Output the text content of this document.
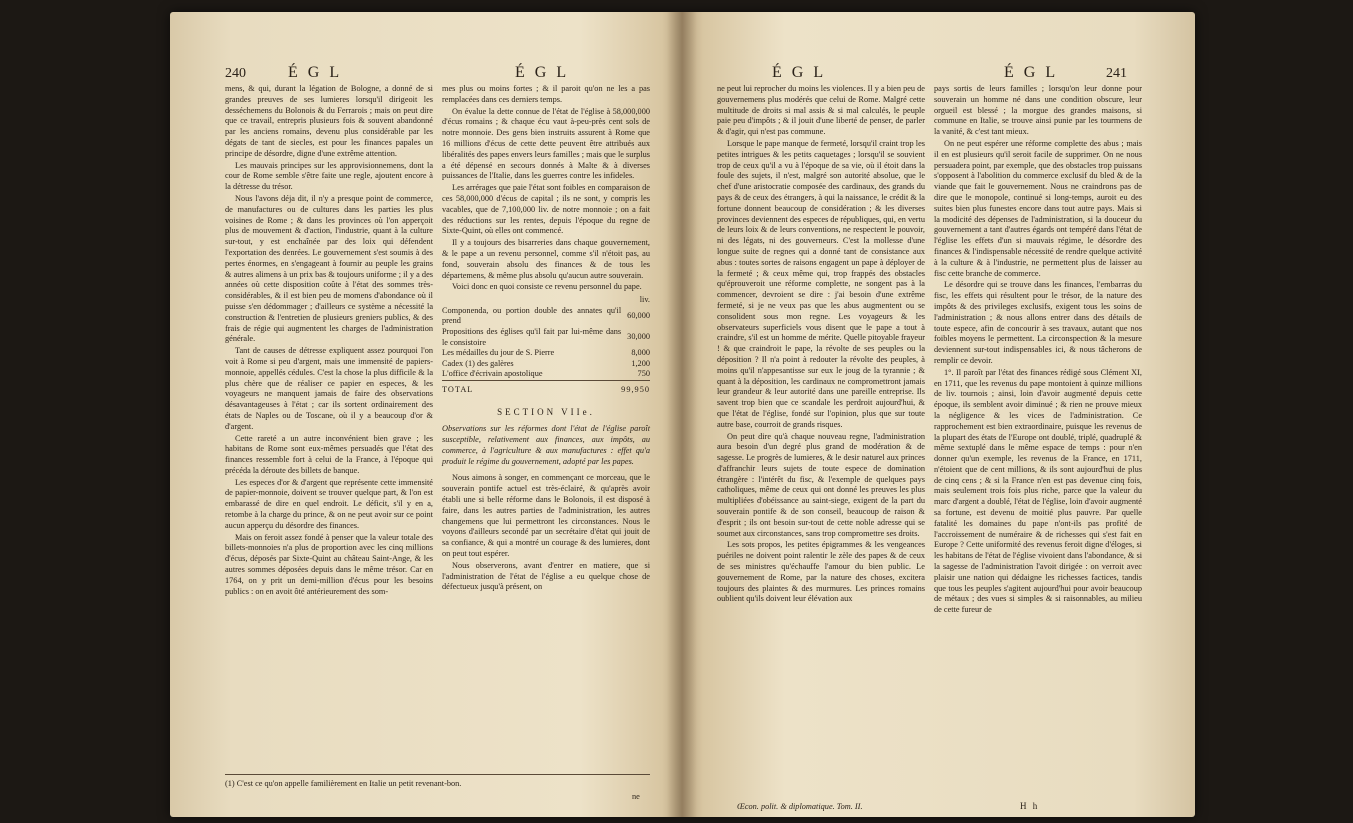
240	É G L	É G L

mens, & qui, durant la légation de Bologne, a donné de si grandes preuves de ses lumieres lorsqu'il dirigeoit les desséchemens du Bolonois & du Ferrarois ; mais on peut dire que ce travail, entrepris plusieurs fois & souvent abandonné par les anciens romains, devenu plus considérable par les dégats de tant de siecles, est pour les finances papales un principe de désordre, digne d'une extrême attention.

Les mauvais principes sur les approvisionnemens, dont la cour de Rome semble s'être faite une regle, ajoutent encore à la détresse du trésor.

Nous l'avons déja dit, il n'y a presque point de commerce, de manufactures ou de cultures dans les parties les plus voisines de Rome ; & dans les provinces où l'on apperçoit plus de mouvement & d'action, l'industrie, quant à la culture sur-tout, y est enchaînée par des loix qui défendent l'exportation des denrées. Le gouvernement s'est soumis à des pertes énormes, en s'engageant à fournir au peuple les grains & autres alimens à un prix bas & toujours uniforme ; il y a des années où cette disposition coûte à l'état des sommes très-considérables, & il est bien peu de momens d'abondance où il puisse s'en dédommager ; d'ailleurs ce système a nécessité la construction & l'entretien de plusieurs greniers publics, & des frais de régie qui augmentent les charges de l'administration générale.

Tant de causes de détresse expliquent assez pourquoi l'on voit à Rome si peu d'argent, mais une immensité de papiers-monnoie, appellés cédules. C'est la chose la plus difficile & la plus chère que de réaliser ce papier en especes, & les voyageurs ne manquent jamais de faire des observations désavantageuses à l'état ; car ils sortent ordinairement des états de Naples ou de Toscane, où il y a beaucoup d'or & d'argent.

Cette rareté a un autre inconvénient bien grave ; les habitans de Rome sont eux-mêmes persuadés que l'état des finances ressemble fort à celui de la France, à l'époque qui précéda la déroute des billets de banque.

Les especes d'or & d'argent que représente cette immensité de papier-monnoie, doivent se trouver quelque part, & l'on est embarassé de dire en quel endroit. Le déficit, s'il y en a, retombe à la charge du prince, & on ne peut avoir sur ce point aucun apperçu du désordre des finances.

Mais on feroit assez fondé à penser que la valeur totale des billets-monnoies n'a plus de proportion avec les cinq millions d'écus, déposés par Sixte-Quint au château Saint-Ange, & les autres sommes déposées depuis dans le même trésor. Car en 1764, on y prit un demi-million d'écus pour les besoins publics : on en avoit ôté antérieurement des som-

mes plus ou moins fortes ; & il paroit qu'on ne les a pas remplacées dans ces derniers temps.

On évalue la dette connue de l'état de l'église à 58,000,000 d'écus romains ; & chaque écu vaut à-peu-près cent sols de notre monnoie. Des gens bien instruits assurent à Rome que 16 millions d'écus de cette dette peuvent être attribués aux libéralités des papes envers leurs familles ; mais que le surplus a été dépensé en secours donnés à Malte & à diverses puissances de l'Italie, dans les guerres contre les infideles.

Les arrérages que paie l'état sont foibles en comparaison de ces 58,000,000 d'écus de capital ; ils ne sont, y compris les vacables, que de 7,100,000 liv. de notre monnoie ; on a fait des réductions sur les rentes, depuis l'époque du regne de Sixte-Quint, où elles ont commencé.

Il y a toujours des bisarreries dans chaque gouvernement, & le pape a un revenu personnel, comme s'il n'étoit pas, au fond, souverain absolu des finances & de tous les départemens, & même plus absolu qu'aucun autre souverain.

Voici donc en quoi consiste ce revenu personnel du pape.

	liv.
Componenda, ou portion double des annates qu'il prend	60,000
Propositions des églises qu'il fait par lui-même dans le consistoire	30,000
Les médailles du jour de S. Pierre	8,000
Cadex (1) des galères	1,200
L'office d'écrivain apostolique	750
TOTAL	99,950
SECTION VIIe.

Observations sur les réformes dont l'état de l'église paroît susceptible, relativement aux finances, aux impôts, au commerce, à l'agriculture & aux manufactures : effet qu'a produit le régime du gouvernement, adopté par les papes.

Nous aimons à songer, en commençant ce morceau, que le souverain pontife actuel est très-éclairé, & qu'après avoir établi une si belle réforme dans le Bolonois, il est disposé à faire, dans les autres parties de l'administration, les autres changemens que lui permettront les circonstances. Nous le voyons d'ailleurs secondé par un secrétaire d'état qui jouit de sa confiance, & qui a montré un courage & des lumieres, dont on peut tout espérer.

Nous observerons, avant d'entrer en matiere, que si l'administration de l'état de l'église a eu quelque chose de défectueux jusqu'à présent, on

(1) C'est ce qu'on appelle familièrement en Italie un petit revenant-bon.
ne
É G L	É G L	241

ne peut lui reprocher du moins les violences. Il y a bien peu de gouvernemens plus modérés que celui de Rome. Malgré cette multitude de droits si mal assis & si mal calculés, le peuple paie peu d'impôts ; & il jouit d'une liberté de penser, de parler & d'agir, qui n'est pas commune.

Lorsque le pape manque de fermeté, lorsqu'il craint trop les petites intrigues & les petits caquetages ; lorsqu'il se souvient trop de ceux qu'il a vu à l'époque de sa vie, où il étoit dans la foule des sujets, il n'est, malgré son autorité absolue, que le chef d'une aristocratie composée des cardinaux, des grands du pays & de ceux des étrangers, à qui la naissance, le crédit & la fortune donnent beaucoup de considération ; & les diverses provinces deviennent des especes de républiques, qui, en vertu de leurs loix & de leurs conventions, ne respectent le pouvoir, ni des légats, ni des gouverneurs. C'est la mollesse d'une longue suite de regnes qui a donné tant de consistance aux abus : toutes sortes de raisons engagent un pape à déployer de la fermeté ; & ceux même qui, trop frappés des obstacles qu'éprouveroit une réforme complette, ne songent pas à la commencer, devroient se dire : j'ai besoin d'une extrême fermeté, si je ne veux pas que les abus augmentent ou se consolident sous mon regne. Les voyageurs & les observateurs superficiels vous disent que le pape a tout à craindre, s'il est un homme de mérite. Quelle pitoyable frayeur ! & que craindroit le pape, la révolte de ses peuples ou la déposition ? Il n'a point à redouter la révolte des peuples, à moins qu'il n'appesantisse sur eux le joug de la tyrannie ; & quant à la déposition, les cardinaux ne compromettront jamais leur grandeur & leur autorité dans une pareille entreprise. Ils savent trop bien que ce scandale les perdroit aujourd'hui, & que l'état de l'église, fondé sur l'opinion, plus que sur toute autre base, courroit de grands risques.

On peut dire qu'à chaque nouveau regne, l'administration aura besoin d'un degré plus grand de modération & de sagesse. Le progrès de lumieres, & le desir naturel aux princes d'affranchir leurs sujets de toute espece de domination étrangère : l'intérêt du fisc, & l'exemple de quelques pays catholiques, même de ceux qui ont donné les preuves les plus multipliées d'obéissance au saint-siege, exigent de la part du souverain pontife & de son conseil, beaucoup de raison & d'esprit ; ils ont besoin sur-tout de cette noble adresse qui se soumet aux circonstances, sans trop compromettre ses droits.

Les sots propos, les petites épigrammes & les vengeances puériles ne doivent point ralentir le zèle des papes & de ceux de ses ministres qu'échauffe l'amour du bien public. Le gouvernement de Rome, par la nature des choses, excitera toujours des plaintes & des murmures. Les princes romains oublient qu'ils doivent leur élévation aux

pays sortis de leurs familles ; lorsqu'on leur donne pour souverain un homme né dans une condition obscure, leur orgueil est blessé ; la morgue des grandes maisons, si commune en Italie, se trouve ainsi punie par les tourmens de la vanité, & c'est tant mieux.

On ne peut espérer une réforme complette des abus ; mais il en est plusieurs qu'il seroit facile de supprimer. On ne nous persuadera point, par exemple, que des obstacles trop puissans s'opposent à l'abolition du commerce exclusif du bled & de la viande que fait le gouvernement. Nous ne craindrons pas de dire que le monopole, continué si long-temps, auroit eu des suites bien plus funestes encore dans tout autre pays. Mais si la modicité des dépenses de l'administration, si la douceur du gouvernement a tant d'autres égards ont tempéré dans l'état de l'église les effets d'un si mauvais régime, le désordre des finances & l'indispensable nécessité de rendre quelque activité à la culture & à l'industrie, ne permettent plus de laisser au fisc cette branche de commerce.

Le désordre qui se trouve dans les finances, l'embarras du fisc, les effets qui résultent pour le trésor, de la nature des impôts & des privileges exclusifs, exigent tous les soins de l'administration ; & nous allons entrer dans des détails de toute espece, afin de concourir à ses travaux, autant que nos foibles moyens le permettent. La circonspection & la mesure deviennent sur-tout indispensables ici, & nous tâcherons de remplir ce devoir.

1°. Il paroît par l'état des finances rédigé sous Clément XI, en 1711, que les revenus du pape montoient à quinze millions de liv. tournois ; ainsi, loin d'avoir augmenté depuis cette époque, ils semblent avoir diminué ; & rien ne prouve mieux la négligence & les vices de l'administration. Ce rapprochement est bien extraordinaire, puisque les revenus de la plupart des états de l'Europe ont doublé, triplé, quadruplé & même sextuplé dans le même espace de temps : pour n'en donner qu'un exemple, les revenus de la France, en 1711, n'étoient que de cent millions, & ils sont aujourd'hui de plus de cinq cens ; & si la France n'en est pas devenue cinq fois, mais seulement trois fois plus riche, parce que la valeur du marc d'argent a doublé, l'état de l'église, loin d'avoir augmenté sa fortune, est devenu de moitié plus pauvre. Par quelle fatalité les domaines du pape n'ont-ils pas profité de l'accroissement de numéraire & de richesses qui s'est fait en Europe ? Cette uniformité des revenus feroit digne d'éloges, si les habitans de l'état de l'église vivoient dans l'abondance, & si la sagesse de l'administration l'avoit dirigée : on verroit avec plaisir une nation qui dédaigne les richesses factices, tandis que tous les peuples s'agitent aujourd'hui pour avoir beaucoup de métaux ; des vues si simples & si raisonnables, au milieu de cette fureur de

Œcon. polit. & diplomatique. Tom. II.	H h
